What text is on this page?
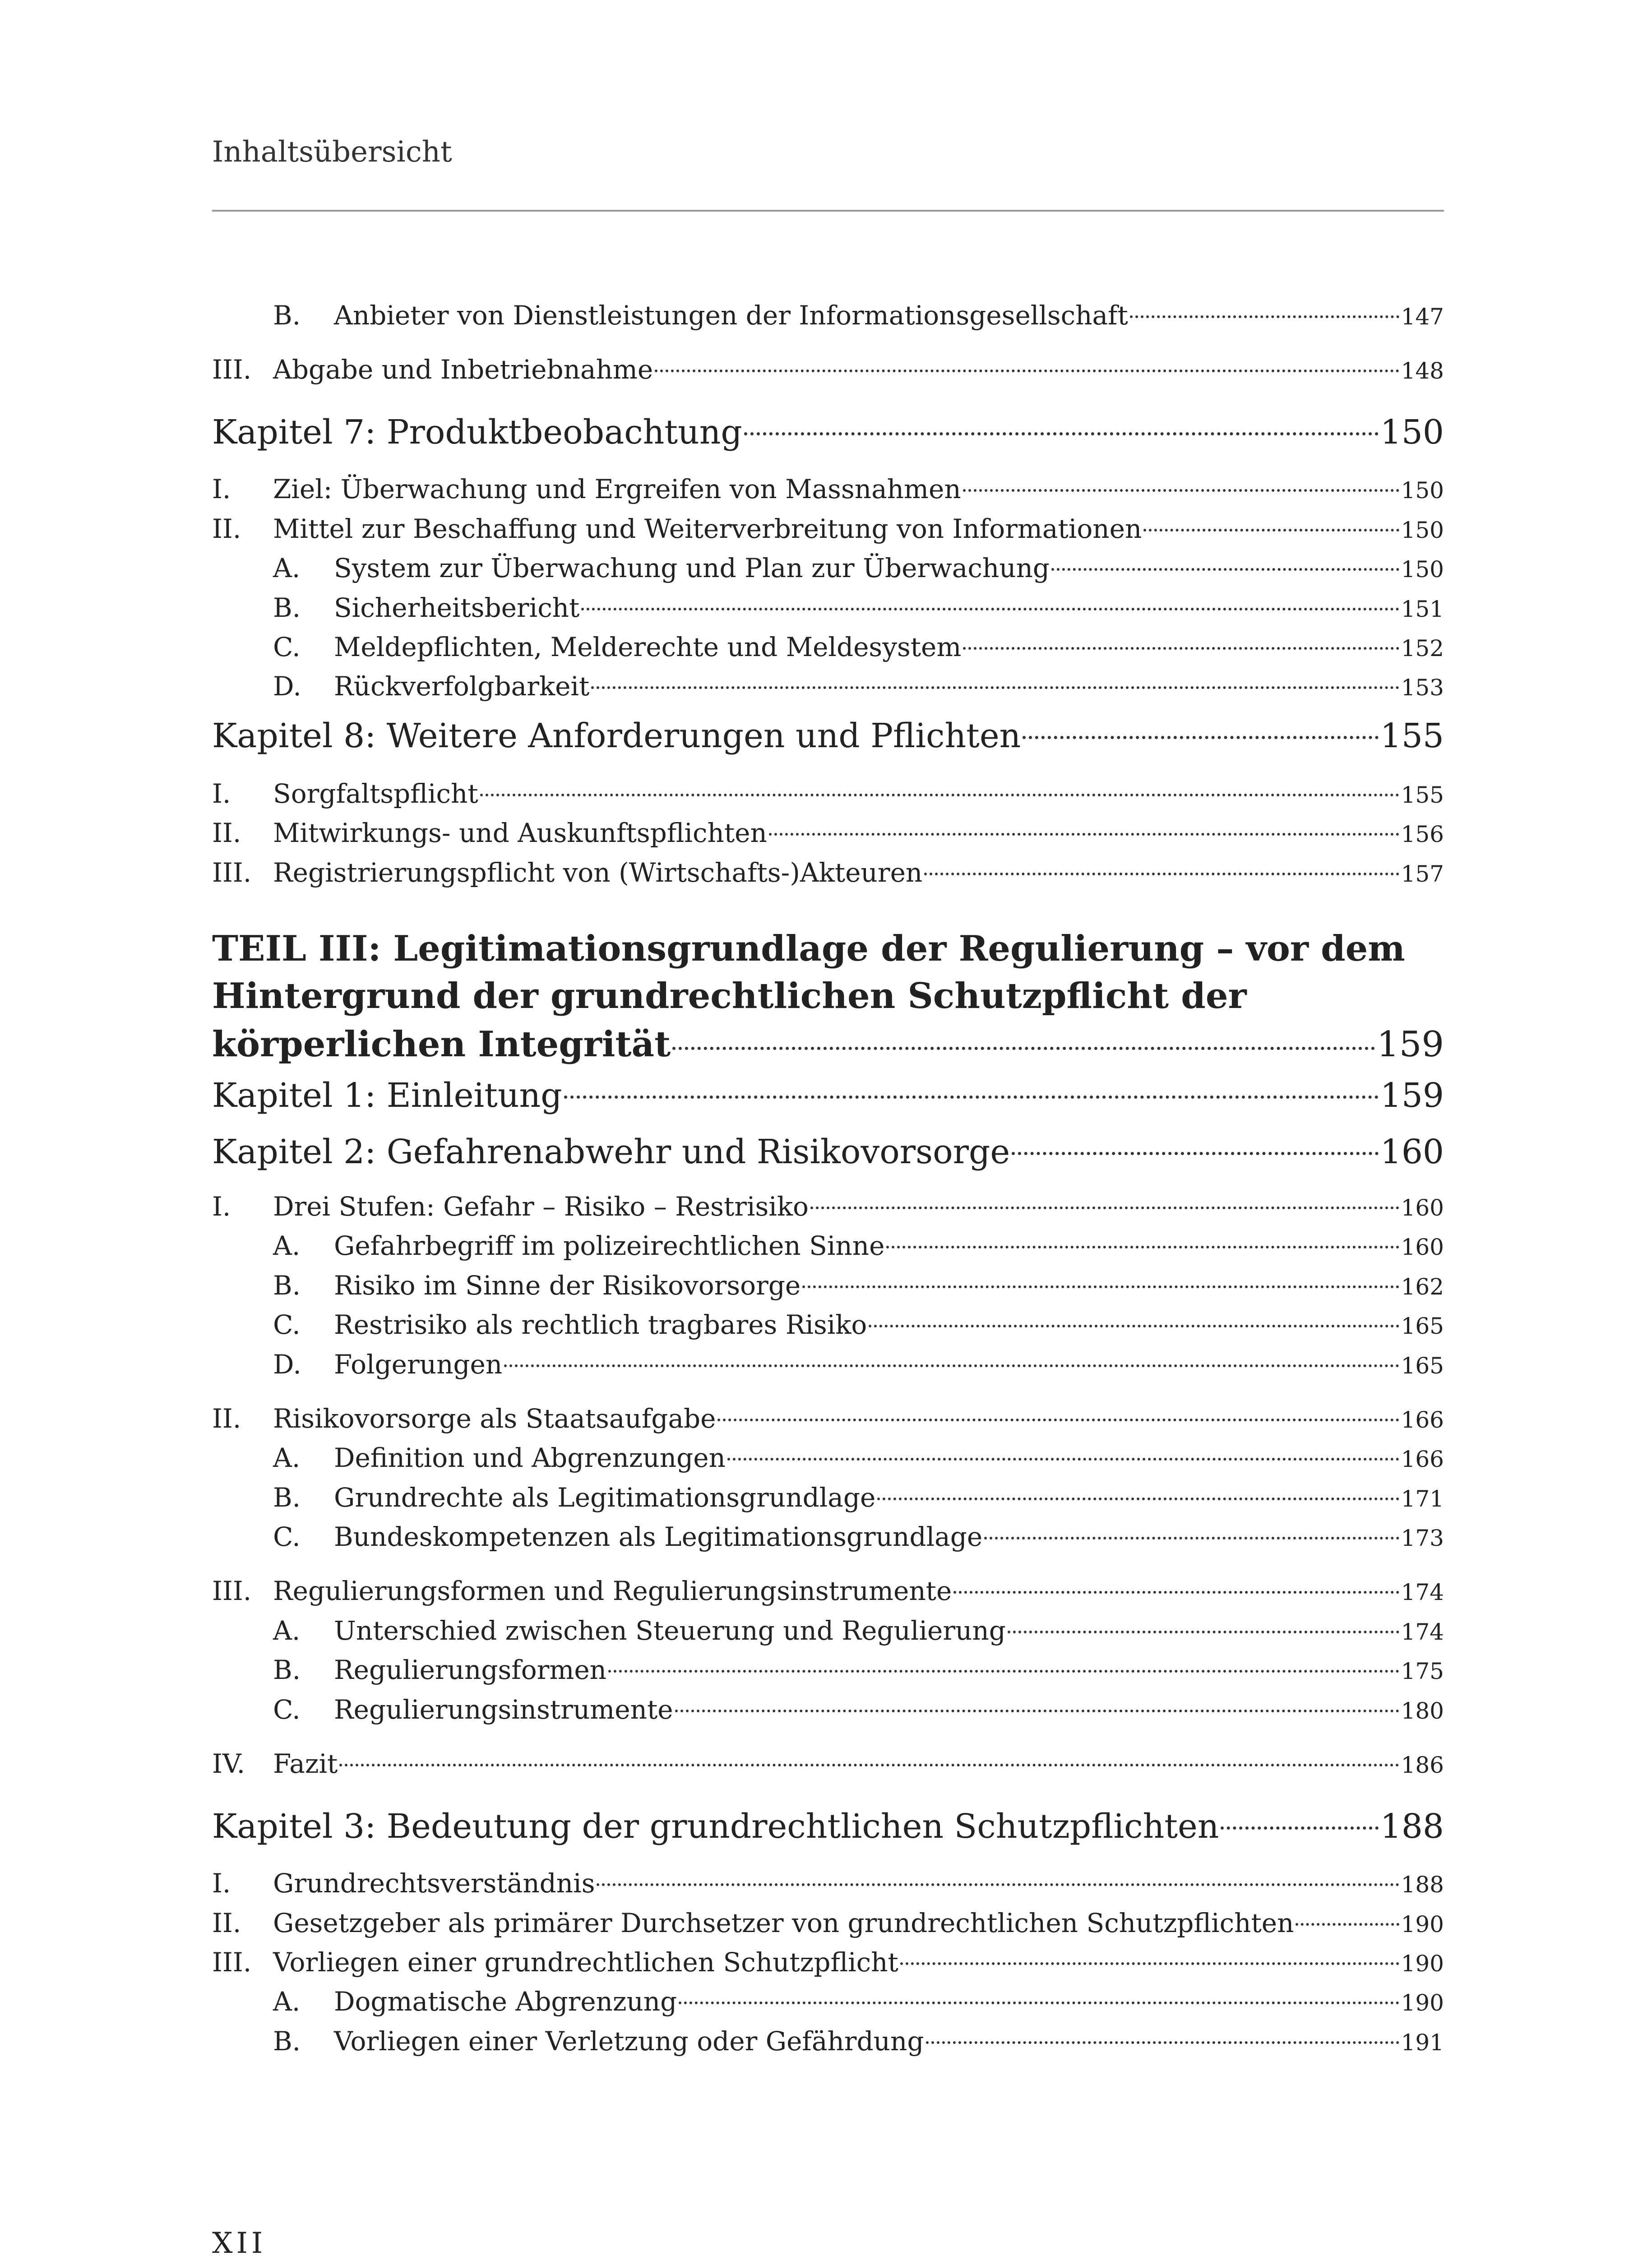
Inhaltsübersicht
B.	Anbieter von Dienstleistungen der Informationsgesellschaft	147
III. Abgabe und Inbetriebnahme	148
Kapitel 7: Produktbeobachtung	150
I.	Ziel: Überwachung und Ergreifen von Massnahmen	150
II.	Mittel zur Beschaffung und Weiterverbreitung von Informationen	150
A.	System zur Überwachung und Plan zur Überwachung	150
B.	Sicherheitsbericht	151
C.	Meldepflichten, Melderechte und Meldesystem	152
D.	Rückverfolgbarkeit	153
Kapitel 8: Weitere Anforderungen und Pflichten	155
I.	Sorgfaltspflicht	155
II.	Mitwirkungs- und Auskunftspflichten	156
III. Registrierungspflicht von (Wirtschafts-)Akteuren	157
TEIL III: Legitimationsgrundlage der Regulierung – vor dem
Hintergrund der grundrechtlichen Schutzpflicht der
körperlichen Integrität	159
Kapitel 1: Einleitung	159
Kapitel 2: Gefahrenabwehr und Risikovorsorge	160
I.	Drei Stufen: Gefahr – Risiko – Restrisiko	160
A.	Gefahrbegriff im polizeirechtlichen Sinne	160
B.	Risiko im Sinne der Risikovorsorge	162
C.	Restrisiko als rechtlich tragbares Risiko	165
D.	Folgerungen	165
II.	Risikovorsorge als Staatsaufgabe	166
A.	Definition und Abgrenzungen	166
B.	Grundrechte als Legitimationsgrundlage	171
C.	Bundeskompetenzen als Legitimationsgrundlage	173
III. Regulierungsformen und Regulierungsinstrumente	174
A.	Unterschied zwischen Steuerung und Regulierung	174
B.	Regulierungsformen	175
C.	Regulierungsinstrumente	180
IV.	Fazit	186
Kapitel 3: Bedeutung der grundrechtlichen Schutzpflichten	188
I.	Grundrechtsverständnis	188
II.	Gesetzgeber als primärer Durchsetzer von grundrechtlichen Schutzpflichten	190
III. Vorliegen einer grundrechtlichen Schutzpflicht	190
A.	Dogmatische Abgrenzung	190
B.	Vorliegen einer Verletzung oder Gefährdung	191
XII
